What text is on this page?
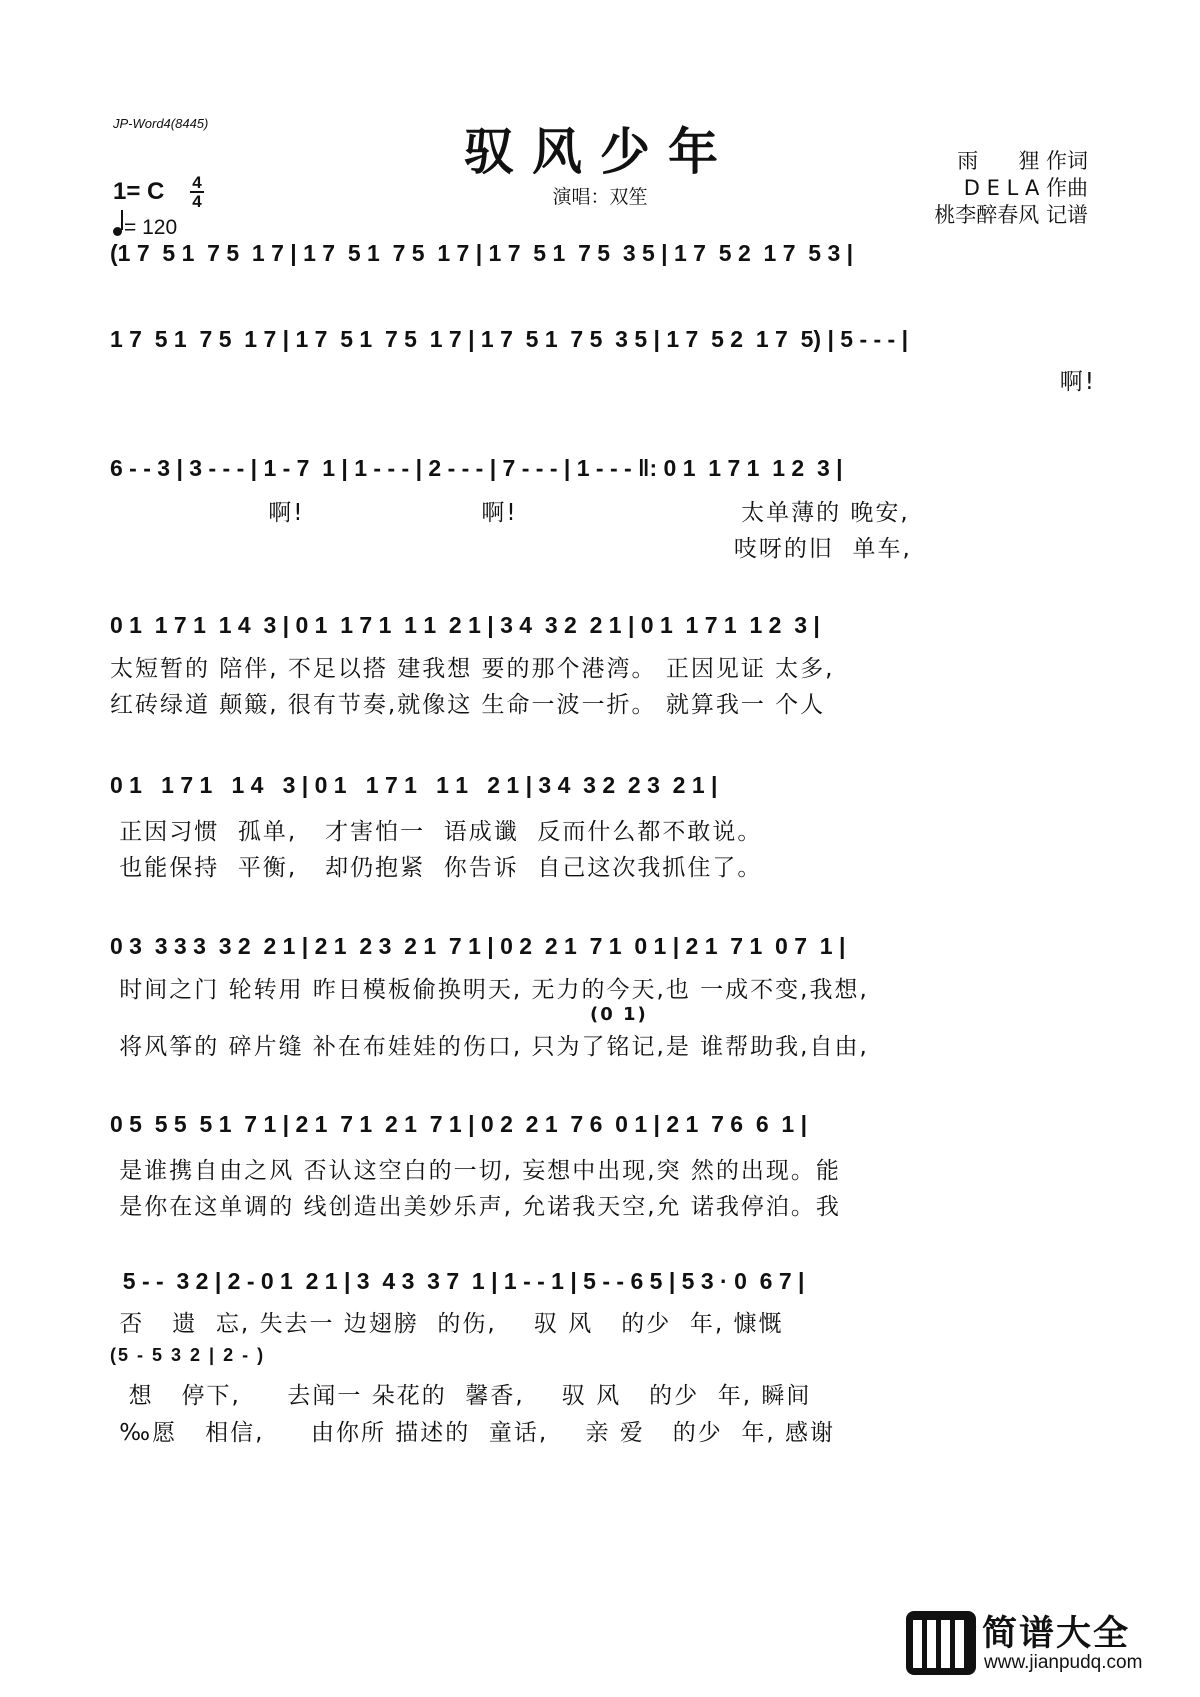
JP-Word4(8445)	驭风少年
演唱：双笙
雨      狸 作词
D E L A 作曲
桃李醉春风 记谱
1= C 4
4
= 120
(1 7  5 1  7 5  1 7 | 1 7  5 1  7 5  1 7 | 1 7  5 1  7 5  3 5 | 1 7  5 2  1 7  5 3 |
1 7  5 1  7 5  1 7 | 1 7  5 1  7 5  1 7 | 1 7  5 1  7 5  3 5 | 1 7  5 2  1 7  5) | 5 - - - |
啊!
6 - - 3 | 3 - - - | 1 - 7  1 | 1 - - - | 2 - - - | 7 - - - | 1 - - - ‖: 0 1  1 7 1  1 2  3 |
啊!                   啊!                        太单薄的 晚安,
吱呀的旧  单车,
0 1  1 7 1  1 4  3 | 0 1  1 7 1  1 1  2 1 | 3 4  3 2  2 1 | 0 1  1 7 1  1 2  3 |
太短暂的 陪伴, 不足以搭 建我想 要的那个港湾。 正因见证 太多,
红砖绿道 颠簸, 很有节奏,就像这 生命一波一折。 就算我一 个人
0 1   1 7 1   1 4   3 | 0 1   1 7 1   1 1   2 1 | 3 4  3 2  2 3  2 1 |
正因习惯  孤单,   才害怕一  语成谶  反而什么都不敢说。
也能保持  平衡,   却仍抱紧  你告诉  自己这次我抓住了。
0 3  3 3 3  3 2  2 1 | 2 1  2 3  2 1  7 1 | 0 2  2 1  7 1  0 1 | 2 1  7 1  0 7  1 |
时间之门 轮转用 昨日模板偷换明天, 无力的今天,也 一成不变,我想,
(0 1)
将风筝的 碎片缝 补在布娃娃的伤口, 只为了铭记,是 谁帮助我,自由,
0 5  5 5  5 1  7 1 | 2 1  7 1  2 1  7 1 | 0 2  2 1  7 6  0 1 | 2 1  7 6  6  1 |
是谁携自由之风 否认这空白的一切, 妄想中出现,突 然的出现。能
是你在这单调的 线创造出美妙乐声, 允诺我天空,允 诺我停泊。我
5 - -  3 2 | 2 - 0 1  2 1 | 3  4 3  3 7  1 | 1 - - 1 | 5 - - 6 5 | 5 3 · 0  6 7 |
否   遗  忘, 失去一 边翅膀  的伤,    驭 风   的少  年, 慷慨
(5 - 5 3 2 | 2 - )
想   停下,     去闻一 朵花的  馨香,    驭 风   的少  年, 瞬间
‰愿   相信,     由你所 描述的  童话,    亲 爱   的少  年, 感谢
简谱大全
www.jianpudq.com
